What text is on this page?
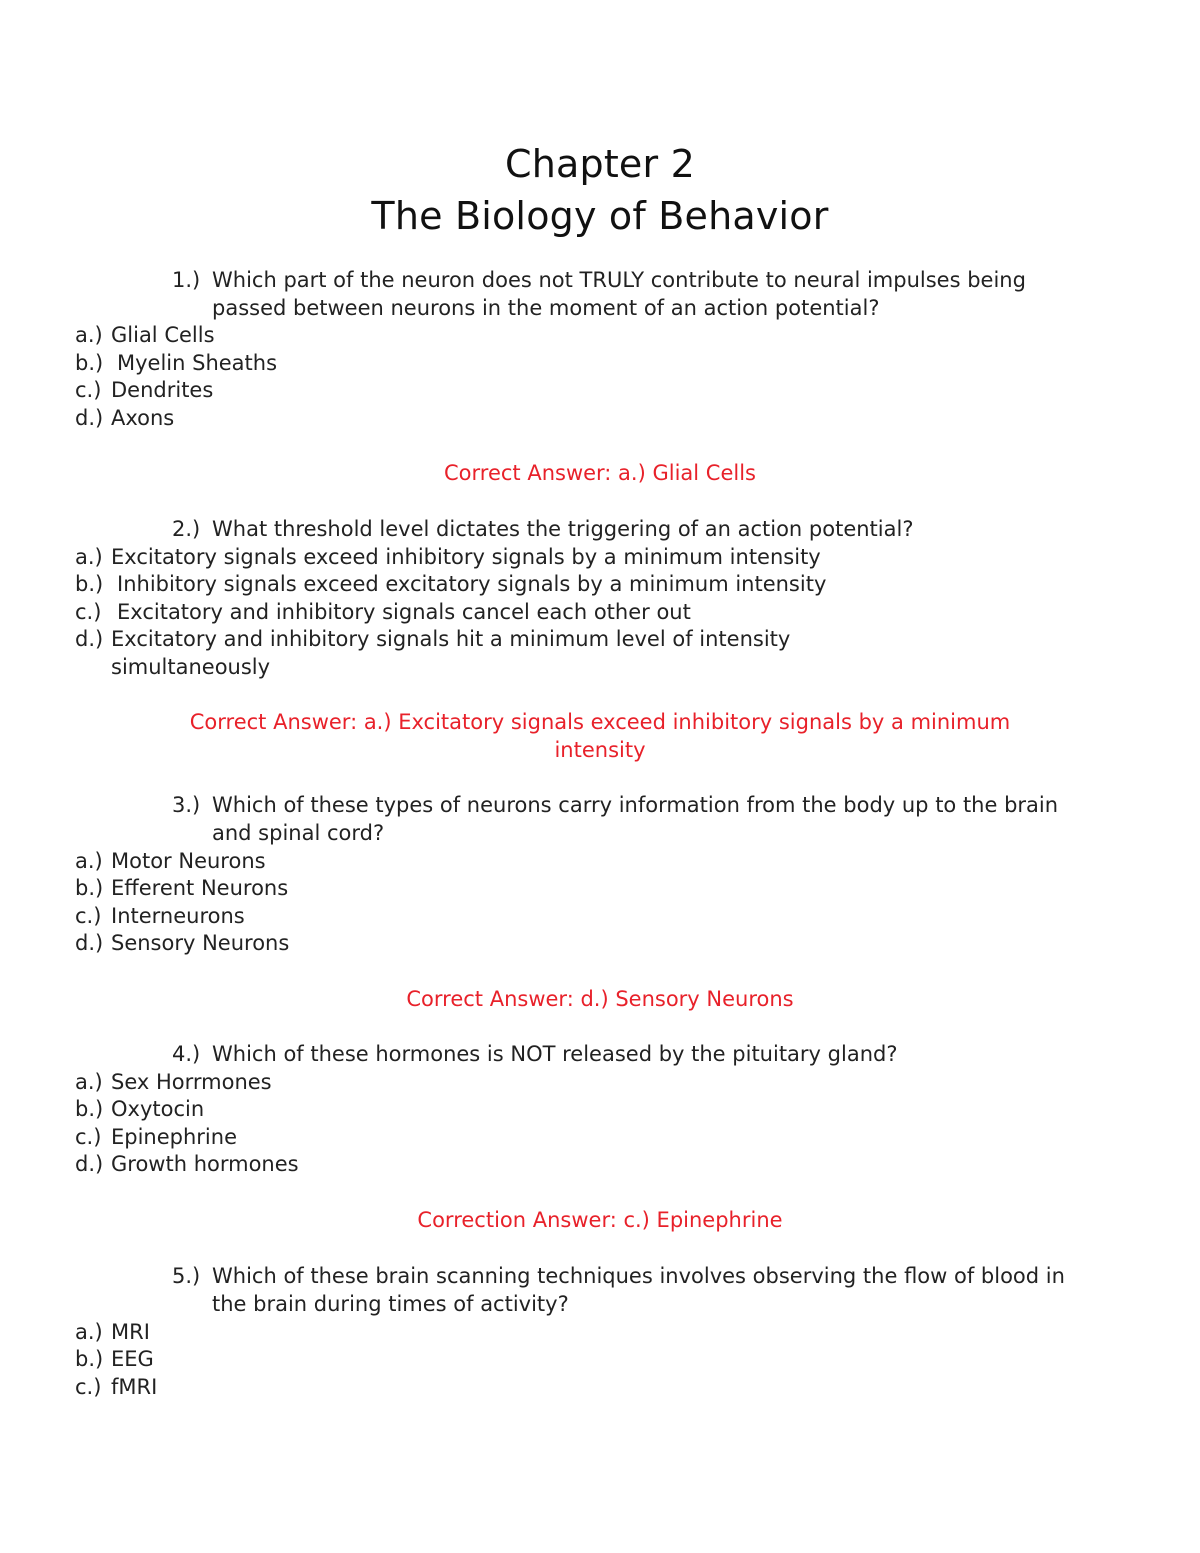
Chapter 2
The Biology of Behavior
1.) Which part of the neuron does not TRULY contribute to neural impulses being passed between neurons in the moment of an action potential?
a.) Glial Cells
b.) Myelin Sheaths
c.) Dendrites
d.) Axons
Correct Answer: a.) Glial Cells
2.) What threshold level dictates the triggering of an action potential?
a.) Excitatory signals exceed inhibitory signals by a minimum intensity
b.) Inhibitory signals exceed excitatory signals by a minimum intensity
c.) Excitatory and inhibitory signals cancel each other out
d.) Excitatory and inhibitory signals hit a minimum level of intensity simultaneously
Correct Answer: a.) Excitatory signals exceed inhibitory signals by a minimum intensity
3.) Which of these types of neurons carry information from the body up to the brain and spinal cord?
a.) Motor Neurons
b.) Efferent Neurons
c.) Interneurons
d.) Sensory Neurons
Correct Answer: d.) Sensory Neurons
4.) Which of these hormones is NOT released by the pituitary gland?
a.) Sex Horrmones
b.) Oxytocin
c.) Epinephrine
d.) Growth hormones
Correction Answer: c.) Epinephrine
5.) Which of these brain scanning techniques involves observing the flow of blood in the brain during times of activity?
a.) MRI
b.) EEG
c.) fMRI
